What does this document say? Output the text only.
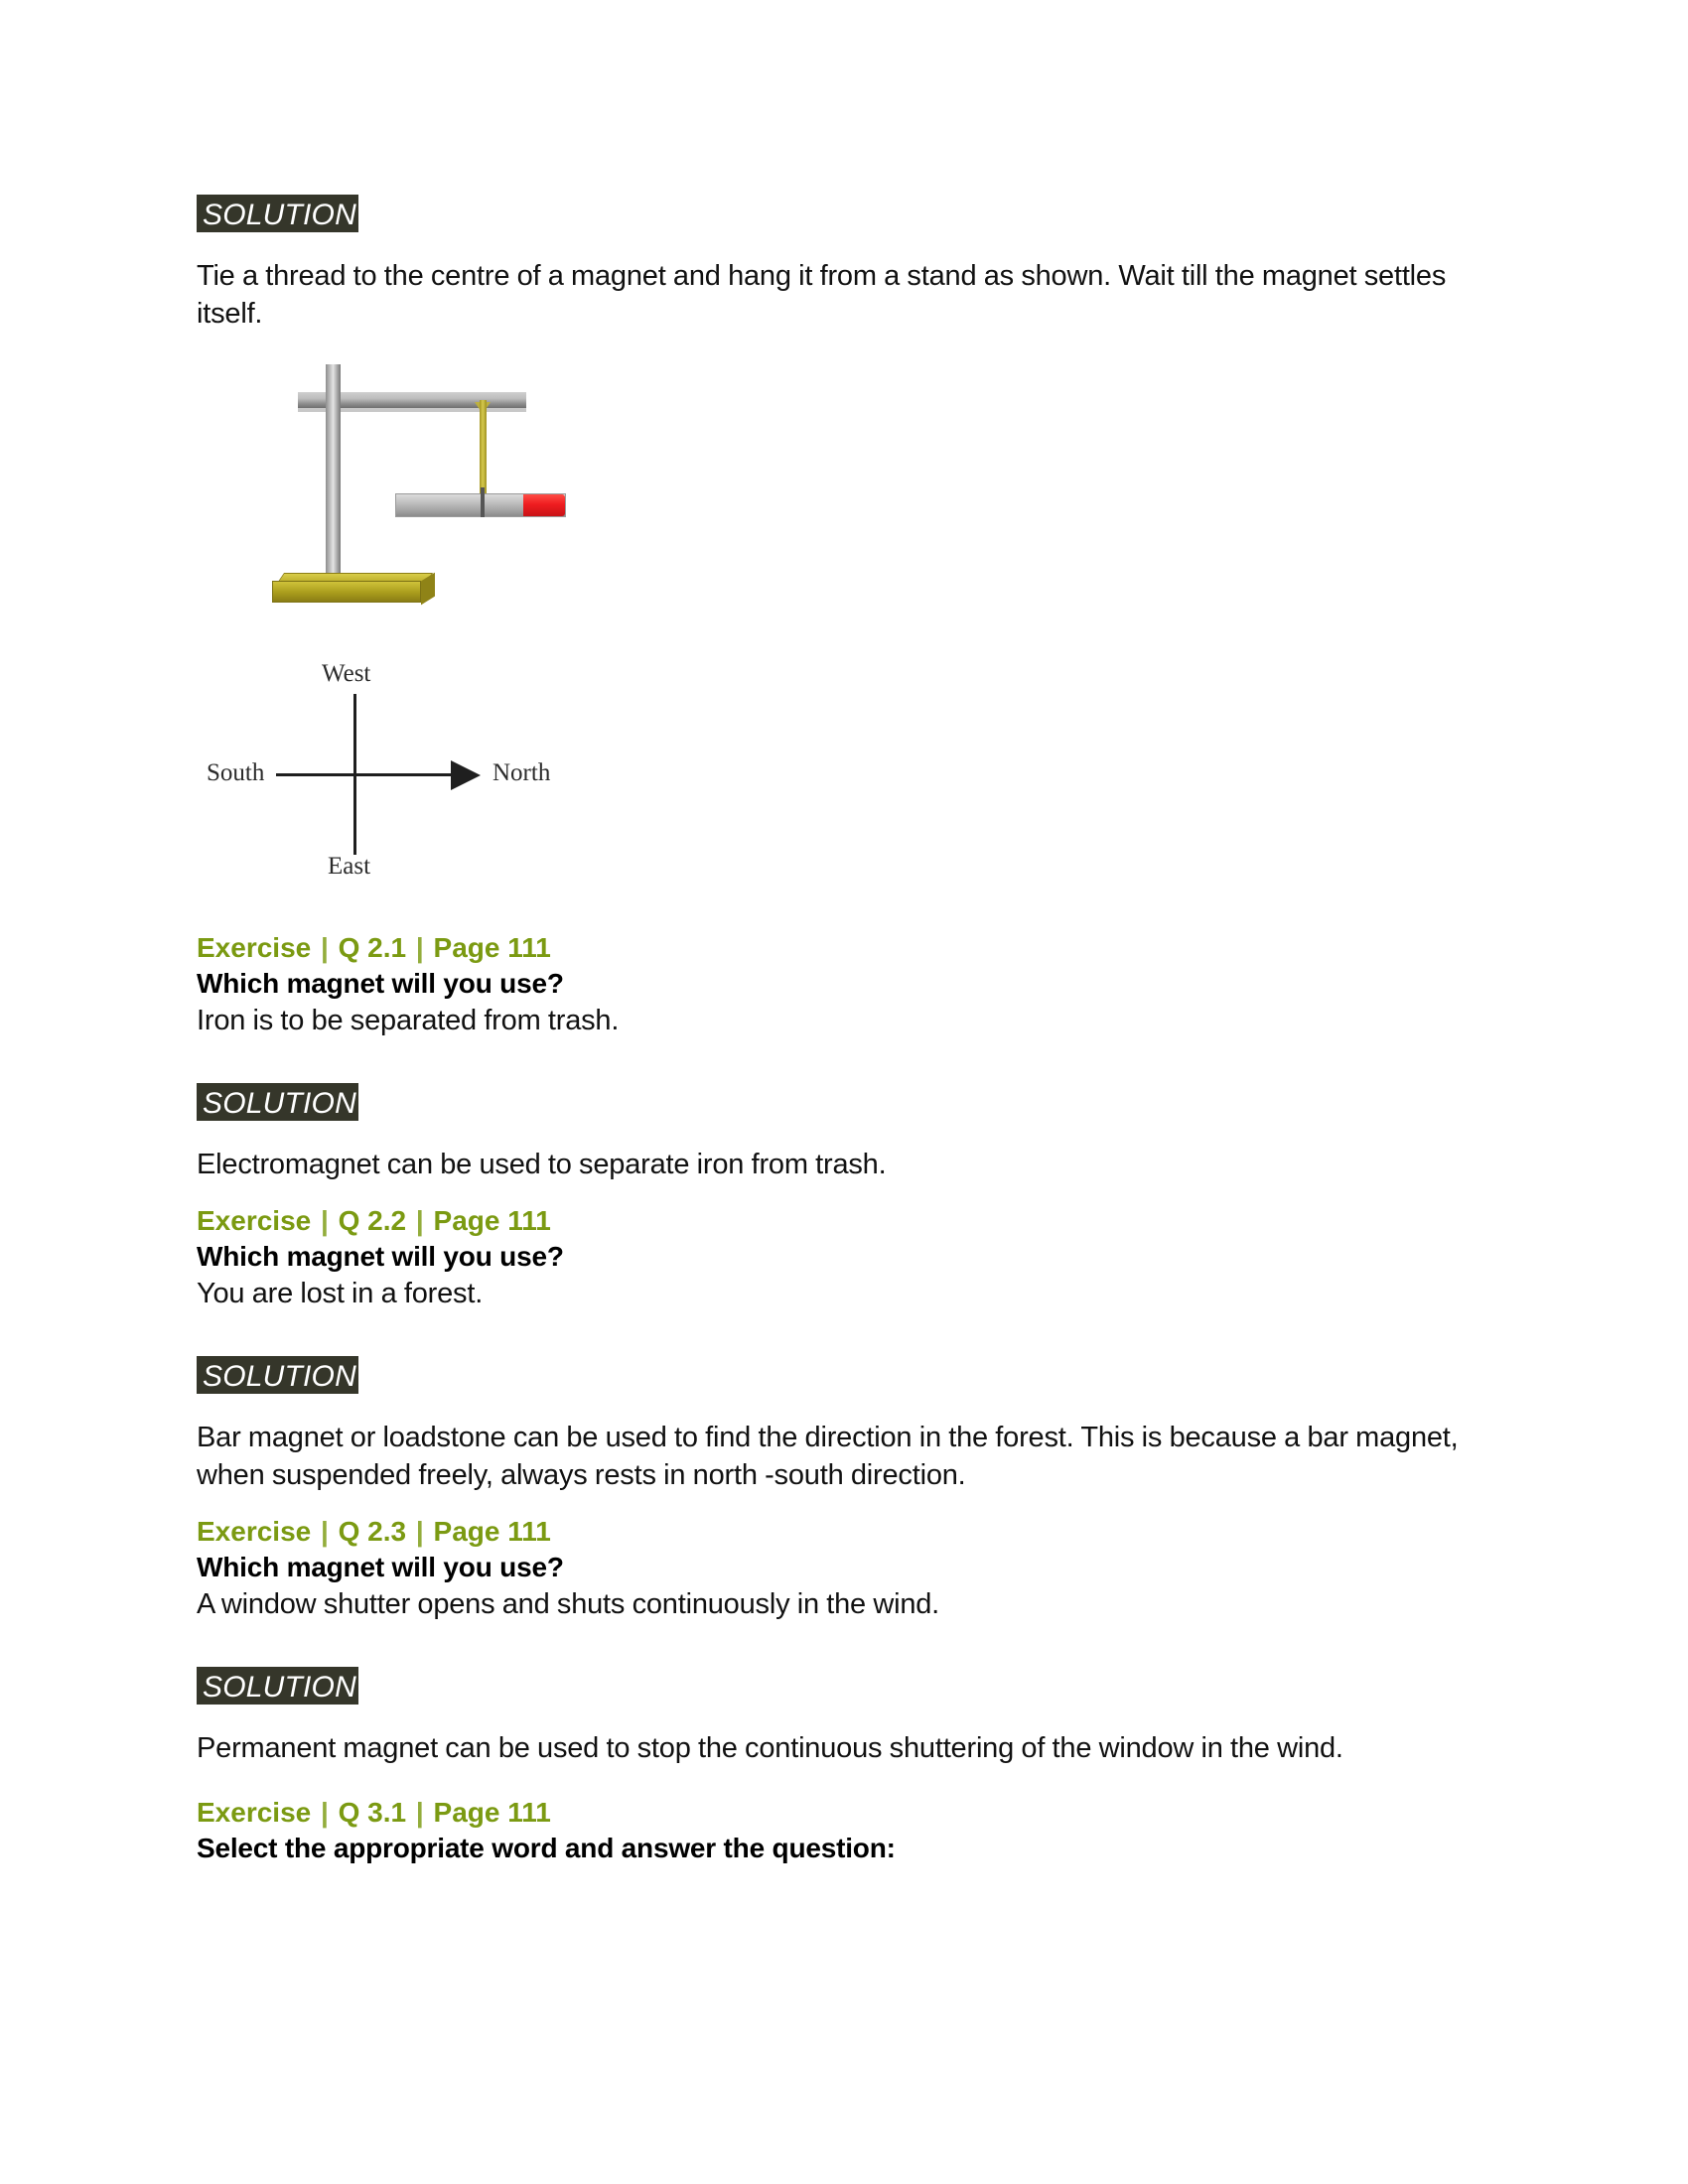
SOLUTION
Tie a thread to the centre of a magnet and hang it from a stand as shown. Wait till the magnet settles itself.
West
South	North
East
Exercise | Q 2.1 | Page 111
Which magnet will you use?
Iron is to be separated from trash.
SOLUTION
Electromagnet can be used to separate iron from trash.
Exercise | Q 2.2 | Page 111
Which magnet will you use?
You are lost in a forest.
SOLUTION
Bar magnet or loadstone can be used to find the direction in the forest. This is because a bar magnet, when suspended freely, always rests in north -south direction.
Exercise | Q 2.3 | Page 111
Which magnet will you use?
A window shutter opens and shuts continuously in the wind.
SOLUTION
Permanent magnet can be used to stop the continuous shuttering of the window in the wind.
Exercise | Q 3.1 | Page 111
Select the appropriate word and answer the question:
